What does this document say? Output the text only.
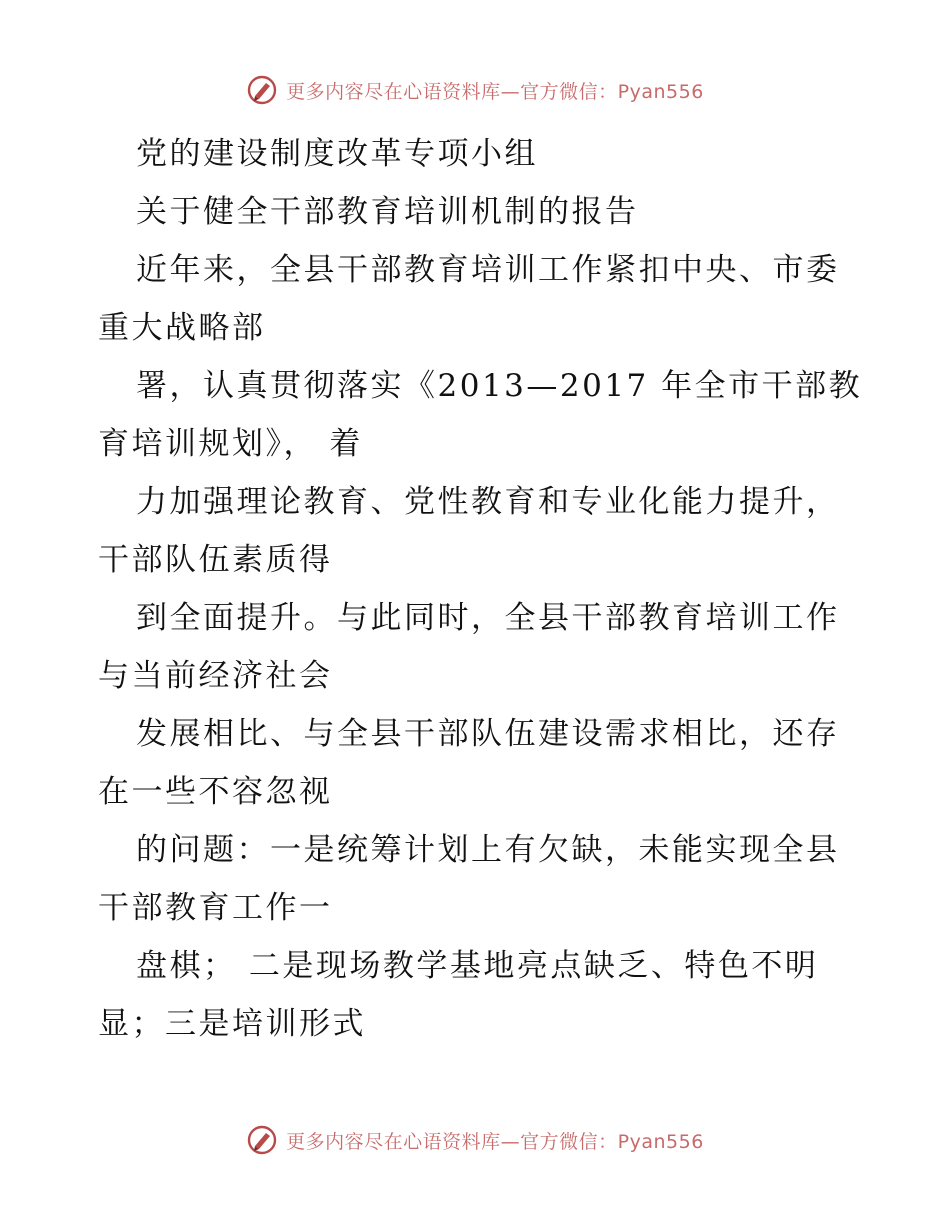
更多内容尽在心语资料库—官方微信：Pyan556
党的建设制度改革专项小组
关于健全干部教育培训机制的报告
近年来，全县干部教育培训工作紧扣中央、市委
重大战略部
署，认真贯彻落实《2013—2017 年全市干部教
育培训规划》， 着
力加强理论教育、党性教育和专业化能力提升，
干部队伍素质得
到全面提升。与此同时，全县干部教育培训工作
与当前经济社会
发展相比、与全县干部队伍建设需求相比，还存
在一些不容忽视
的问题：一是统筹计划上有欠缺，未能实现全县
干部教育工作一
盘棋； 二是现场教学基地亮点缺乏、特色不明
显；三是培训形式
更多内容尽在心语资料库—官方微信：Pyan556
